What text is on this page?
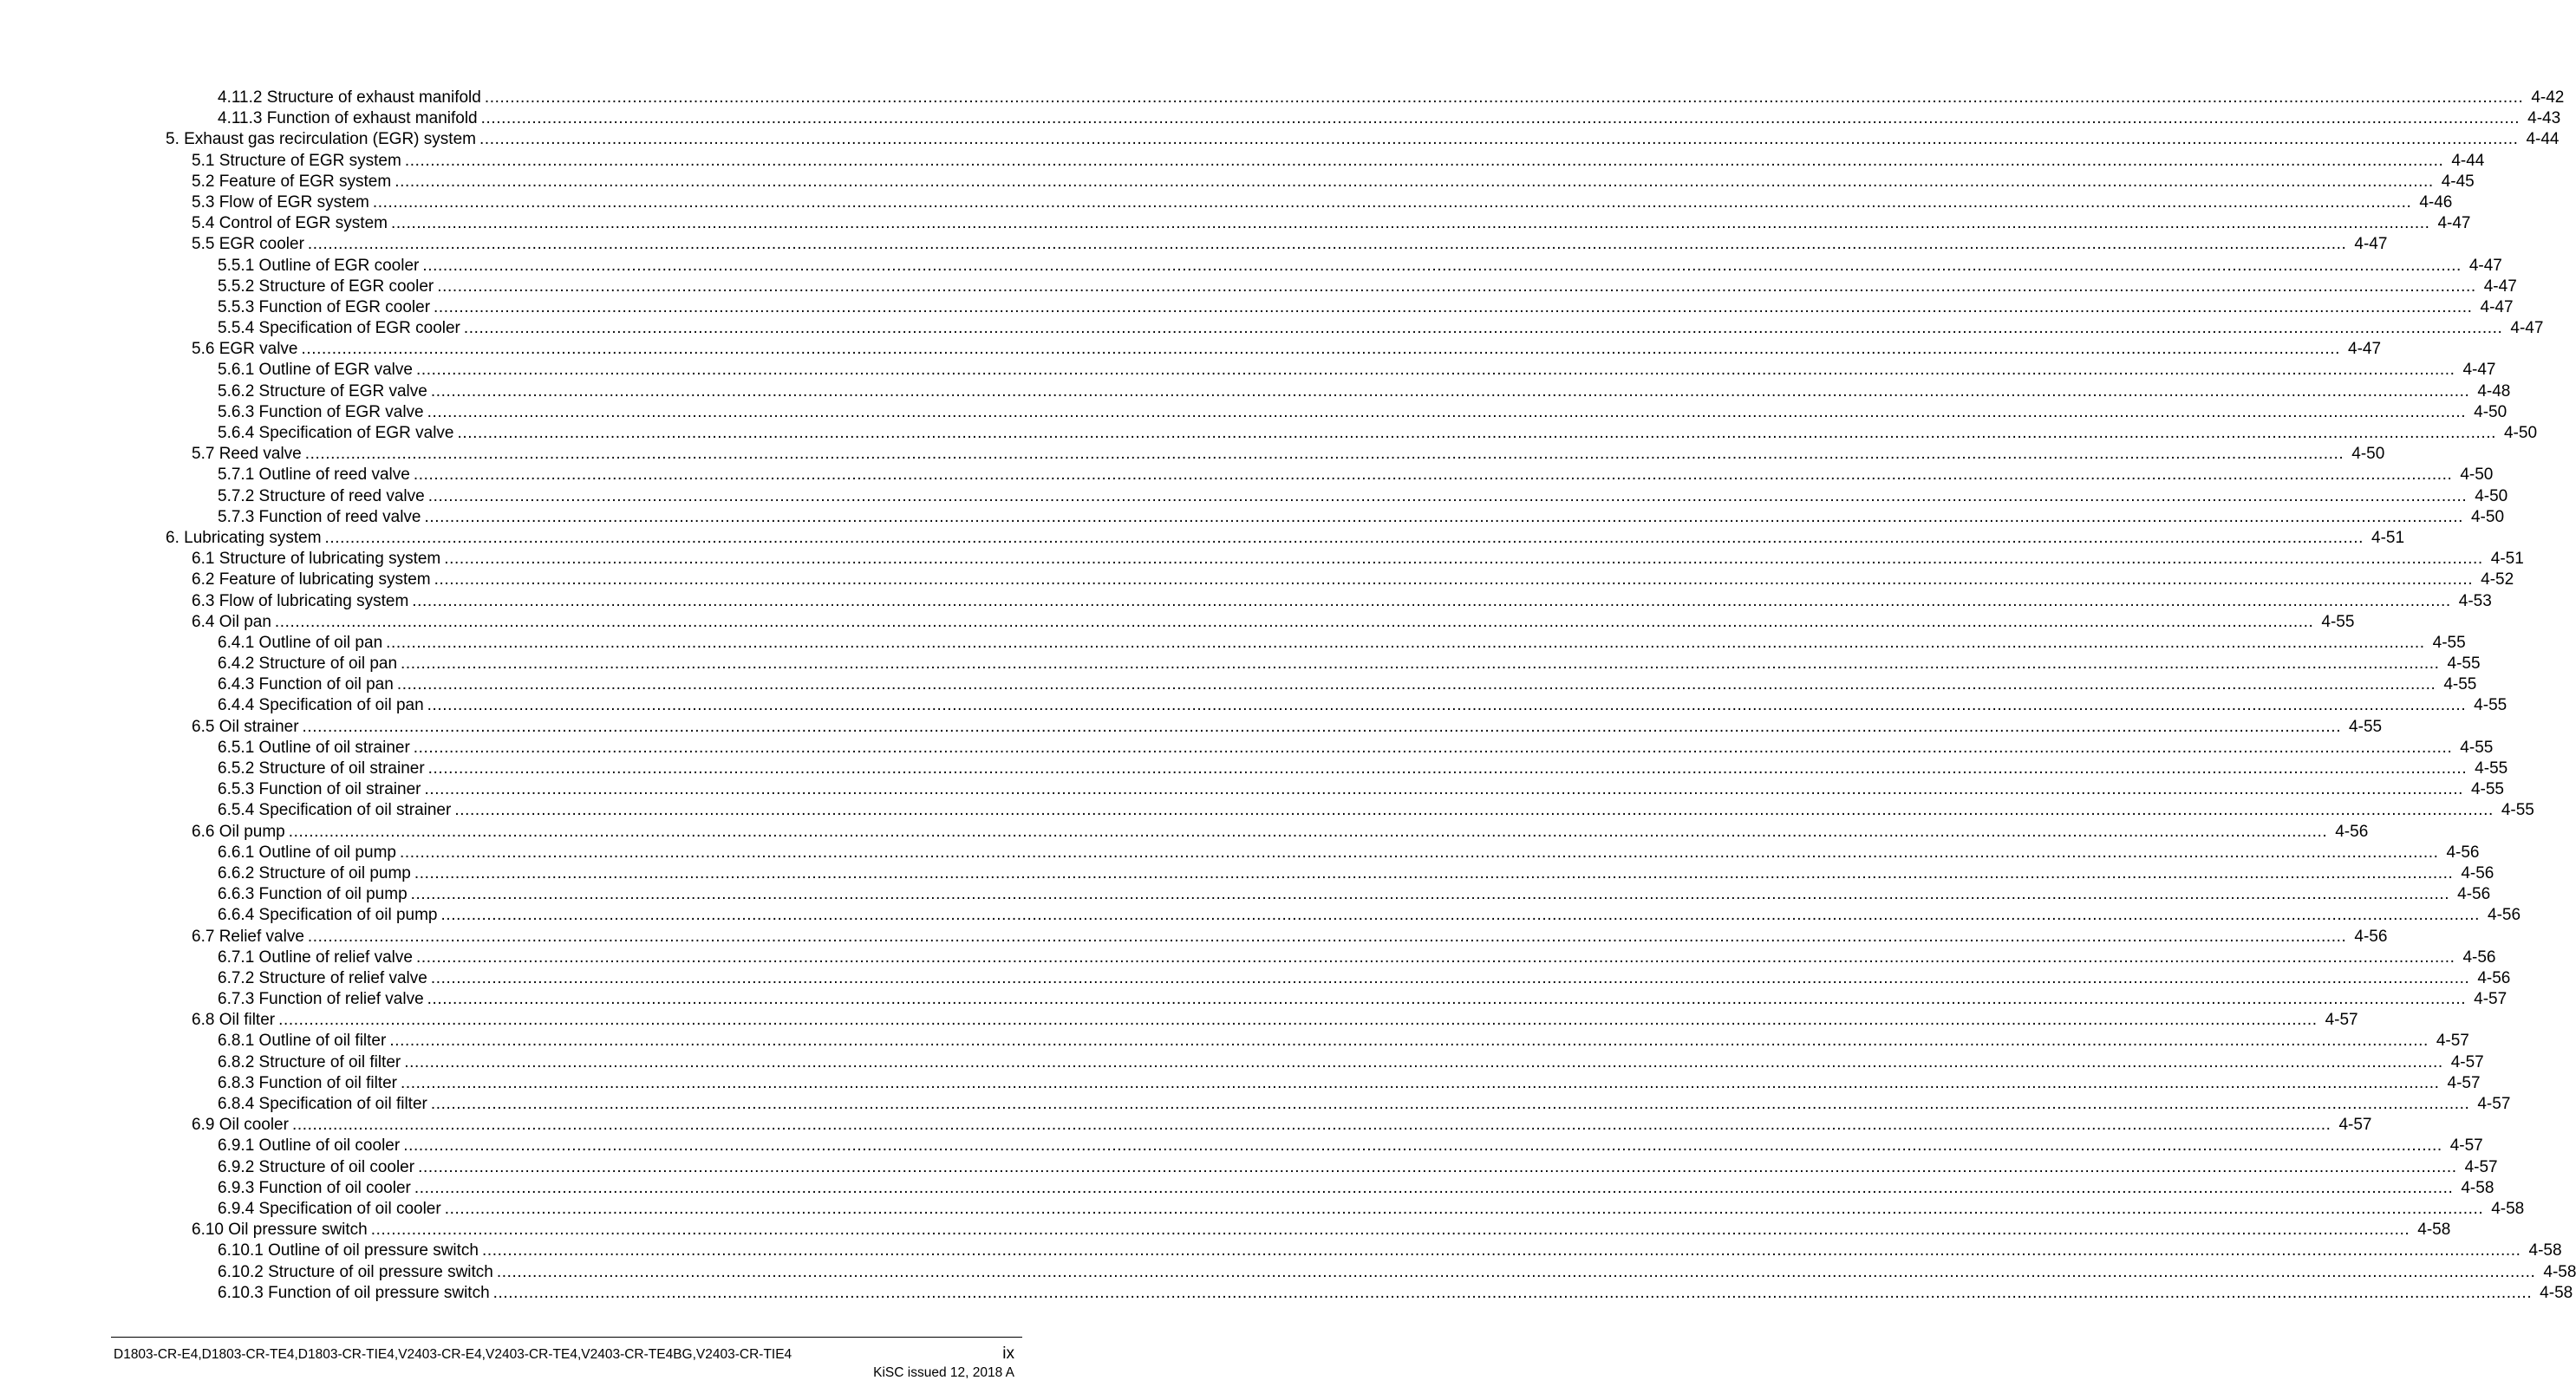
4.11.2 Structure of exhaust manifold ................................................................................................................................................................................................................................................................................................................................................................................................................ 4-42
4.11.3 Function of exhaust manifold ................................................................................................................................................................................................................................................................................................................................................................................................................ 4-43
5. Exhaust gas recirculation (EGR) system ................................................................................................................................................................................................................................................................................................................................................................................................................ 4-44
5.1 Structure of EGR system ................................................................................................................................................................................................................................................................................................................................................................................................................ 4-44
5.2 Feature of EGR system ................................................................................................................................................................................................................................................................................................................................................................................................................ 4-45
5.3 Flow of EGR system ................................................................................................................................................................................................................................................................................................................................................................................................................ 4-46
5.4 Control of EGR system ................................................................................................................................................................................................................................................................................................................................................................................................................ 4-47
5.5 EGR cooler ................................................................................................................................................................................................................................................................................................................................................................................................................ 4-47
5.5.1 Outline of EGR cooler ................................................................................................................................................................................................................................................................................................................................................................................................................ 4-47
5.5.2 Structure of EGR cooler ................................................................................................................................................................................................................................................................................................................................................................................................................ 4-47
5.5.3 Function of EGR cooler ................................................................................................................................................................................................................................................................................................................................................................................................................ 4-47
5.5.4 Specification of EGR cooler ................................................................................................................................................................................................................................................................................................................................................................................................................ 4-47
5.6 EGR valve ................................................................................................................................................................................................................................................................................................................................................................................................................ 4-47
5.6.1 Outline of EGR valve ................................................................................................................................................................................................................................................................................................................................................................................................................ 4-47
5.6.2 Structure of EGR valve ................................................................................................................................................................................................................................................................................................................................................................................................................ 4-48
5.6.3 Function of EGR valve ................................................................................................................................................................................................................................................................................................................................................................................................................ 4-50
5.6.4 Specification of EGR valve ................................................................................................................................................................................................................................................................................................................................................................................................................ 4-50
5.7 Reed valve ................................................................................................................................................................................................................................................................................................................................................................................................................ 4-50
5.7.1 Outline of reed valve ................................................................................................................................................................................................................................................................................................................................................................................................................ 4-50
5.7.2 Structure of reed valve ................................................................................................................................................................................................................................................................................................................................................................................................................ 4-50
5.7.3 Function of reed valve ................................................................................................................................................................................................................................................................................................................................................................................................................ 4-50
6. Lubricating system ................................................................................................................................................................................................................................................................................................................................................................................................................ 4-51
6.1 Structure of lubricating system ................................................................................................................................................................................................................................................................................................................................................................................................................ 4-51
6.2 Feature of lubricating system ................................................................................................................................................................................................................................................................................................................................................................................................................ 4-52
6.3 Flow of lubricating system ................................................................................................................................................................................................................................................................................................................................................................................................................ 4-53
6.4 Oil pan ................................................................................................................................................................................................................................................................................................................................................................................................................ 4-55
6.4.1 Outline of oil pan ................................................................................................................................................................................................................................................................................................................................................................................................................ 4-55
6.4.2 Structure of oil pan ................................................................................................................................................................................................................................................................................................................................................................................................................ 4-55
6.4.3 Function of oil pan ................................................................................................................................................................................................................................................................................................................................................................................................................ 4-55
6.4.4 Specification of oil pan ................................................................................................................................................................................................................................................................................................................................................................................................................ 4-55
6.5 Oil strainer ................................................................................................................................................................................................................................................................................................................................................................................................................ 4-55
6.5.1 Outline of oil strainer ................................................................................................................................................................................................................................................................................................................................................................................................................ 4-55
6.5.2 Structure of oil strainer ................................................................................................................................................................................................................................................................................................................................................................................................................ 4-55
6.5.3 Function of oil strainer ................................................................................................................................................................................................................................................................................................................................................................................................................ 4-55
6.5.4 Specification of oil strainer ................................................................................................................................................................................................................................................................................................................................................................................................................ 4-55
6.6 Oil pump ................................................................................................................................................................................................................................................................................................................................................................................................................ 4-56
6.6.1 Outline of oil pump ................................................................................................................................................................................................................................................................................................................................................................................................................ 4-56
6.6.2 Structure of oil pump ................................................................................................................................................................................................................................................................................................................................................................................................................ 4-56
6.6.3 Function of oil pump ................................................................................................................................................................................................................................................................................................................................................................................................................ 4-56
6.6.4 Specification of oil pump ................................................................................................................................................................................................................................................................................................................................................................................................................ 4-56
6.7 Relief valve ................................................................................................................................................................................................................................................................................................................................................................................................................ 4-56
6.7.1 Outline of relief valve ................................................................................................................................................................................................................................................................................................................................................................................................................ 4-56
6.7.2 Structure of relief valve ................................................................................................................................................................................................................................................................................................................................................................................................................ 4-56
6.7.3 Function of relief valve ................................................................................................................................................................................................................................................................................................................................................................................................................ 4-57
6.8 Oil filter ................................................................................................................................................................................................................................................................................................................................................................................................................ 4-57
6.8.1 Outline of oil filter ................................................................................................................................................................................................................................................................................................................................................................................................................ 4-57
6.8.2 Structure of oil filter ................................................................................................................................................................................................................................................................................................................................................................................................................ 4-57
6.8.3 Function of oil filter ................................................................................................................................................................................................................................................................................................................................................................................................................ 4-57
6.8.4 Specification of oil filter ................................................................................................................................................................................................................................................................................................................................................................................................................ 4-57
6.9 Oil cooler ................................................................................................................................................................................................................................................................................................................................................................................................................ 4-57
6.9.1 Outline of oil cooler ................................................................................................................................................................................................................................................................................................................................................................................................................ 4-57
6.9.2 Structure of oil cooler ................................................................................................................................................................................................................................................................................................................................................................................................................ 4-57
6.9.3 Function of oil cooler ................................................................................................................................................................................................................................................................................................................................................................................................................ 4-58
6.9.4 Specification of oil cooler ................................................................................................................................................................................................................................................................................................................................................................................................................ 4-58
6.10 Oil pressure switch ................................................................................................................................................................................................................................................................................................................................................................................................................ 4-58
6.10.1 Outline of oil pressure switch ................................................................................................................................................................................................................................................................................................................................................................................................................ 4-58
6.10.2 Structure of oil pressure switch ................................................................................................................................................................................................................................................................................................................................................................................................................ 4-58
6.10.3 Function of oil pressure switch ................................................................................................................................................................................................................................................................................................................................................................................................................ 4-58
D1803-CR-E4,D1803-CR-TE4,D1803-CR-TIE4,V2403-CR-E4,V2403-CR-TE4,V2403-CR-TE4BG,V2403-CR-TIE4	ix
KiSC issued 12, 2018 A
